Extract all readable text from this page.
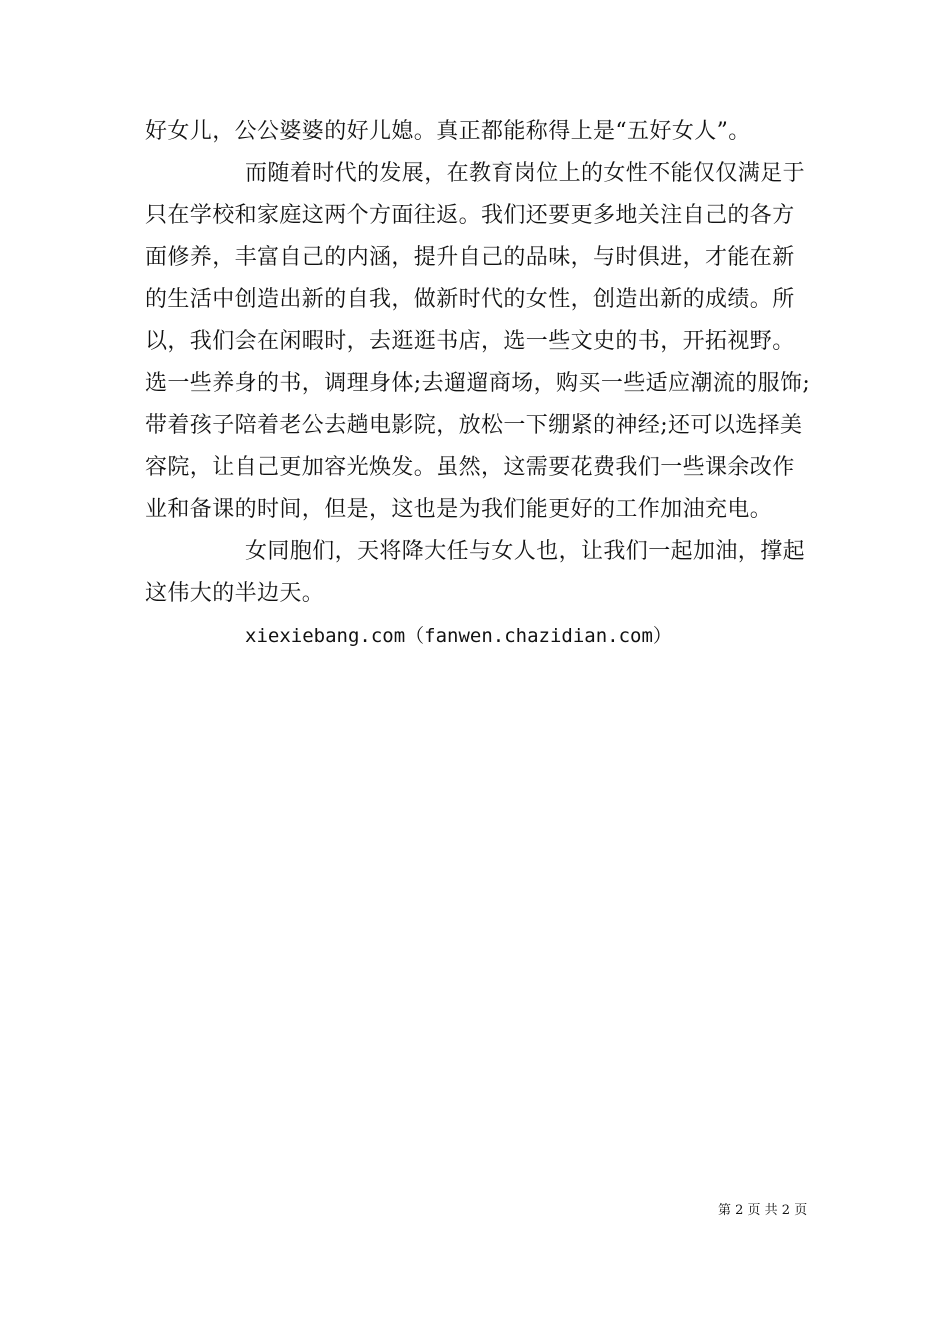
好女儿，公公婆婆的好儿媳。真正都能称得上是“五好女人”。
而随着时代的发展，在教育岗位上的女性不能仅仅满足于
只在学校和家庭这两个方面往返。我们还要更多地关注自己的各方
面修养，丰富自己的内涵，提升自己的品味，与时俱进，才能在新
的生活中创造出新的自我，做新时代的女性，创造出新的成绩。所
以，我们会在闲暇时，去逛逛书店，选一些文史的书，开拓视野。
选一些养身的书，调理身体;去遛遛商场，购买一些适应潮流的服饰;
带着孩子陪着老公去趟电影院，放松一下绷紧的神经;还可以选择美
容院，让自己更加容光焕发。虽然，这需要花费我们一些课余改作
业和备课的时间，但是，这也是为我们能更好的工作加油充电。
女同胞们，天将降大任与女人也，让我们一起加油，撑起
这伟大的半边天。
xiexiebang.com（fanwen.chazidian.com）
第 2 页 共 2 页
